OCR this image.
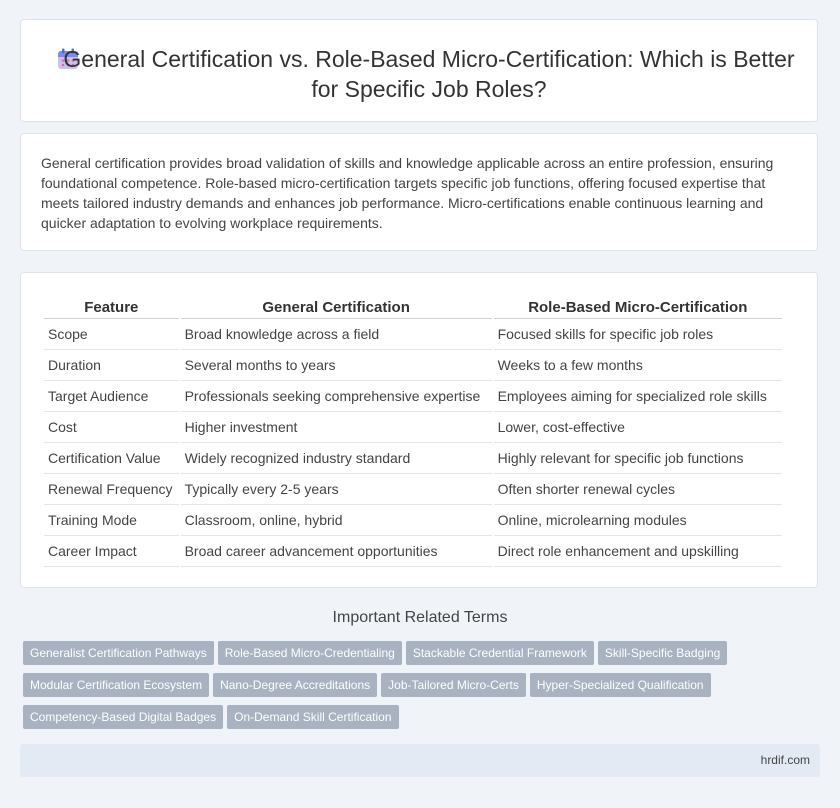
General Certification vs. Role-Based Micro-Certification: Which is Better for Specific Job Roles?
General certification provides broad validation of skills and knowledge applicable across an entire profession, ensuring foundational competence. Role-based micro-certification targets specific job functions, offering focused expertise that meets tailored industry demands and enhances job performance. Micro-certifications enable continuous learning and quicker adaptation to evolving workplace requirements.
Feature	General Certification	Role-Based Micro-Certification
Scope	Broad knowledge across a field	Focused skills for specific job roles
Duration	Several months to years	Weeks to a few months
Target Audience	Professionals seeking comprehensive expertise	Employees aiming for specialized role skills
Cost	Higher investment	Lower, cost-effective
Certification Value	Widely recognized industry standard	Highly relevant for specific job functions
Renewal Frequency	Typically every 2-5 years	Often shorter renewal cycles
Training Mode	Classroom, online, hybrid	Online, microlearning modules
Career Impact	Broad career advancement opportunities	Direct role enhancement and upskilling
Important Related Terms
Generalist Certification Pathways Role-Based Micro-Credentialing Stackable Credential Framework Skill-Specific Badging
Modular Certification Ecosystem Nano-Degree Accreditations Job-Tailored Micro-Certs Hyper-Specialized Qualification
Competency-Based Digital Badges On-Demand Skill Certification
hrdif.com
